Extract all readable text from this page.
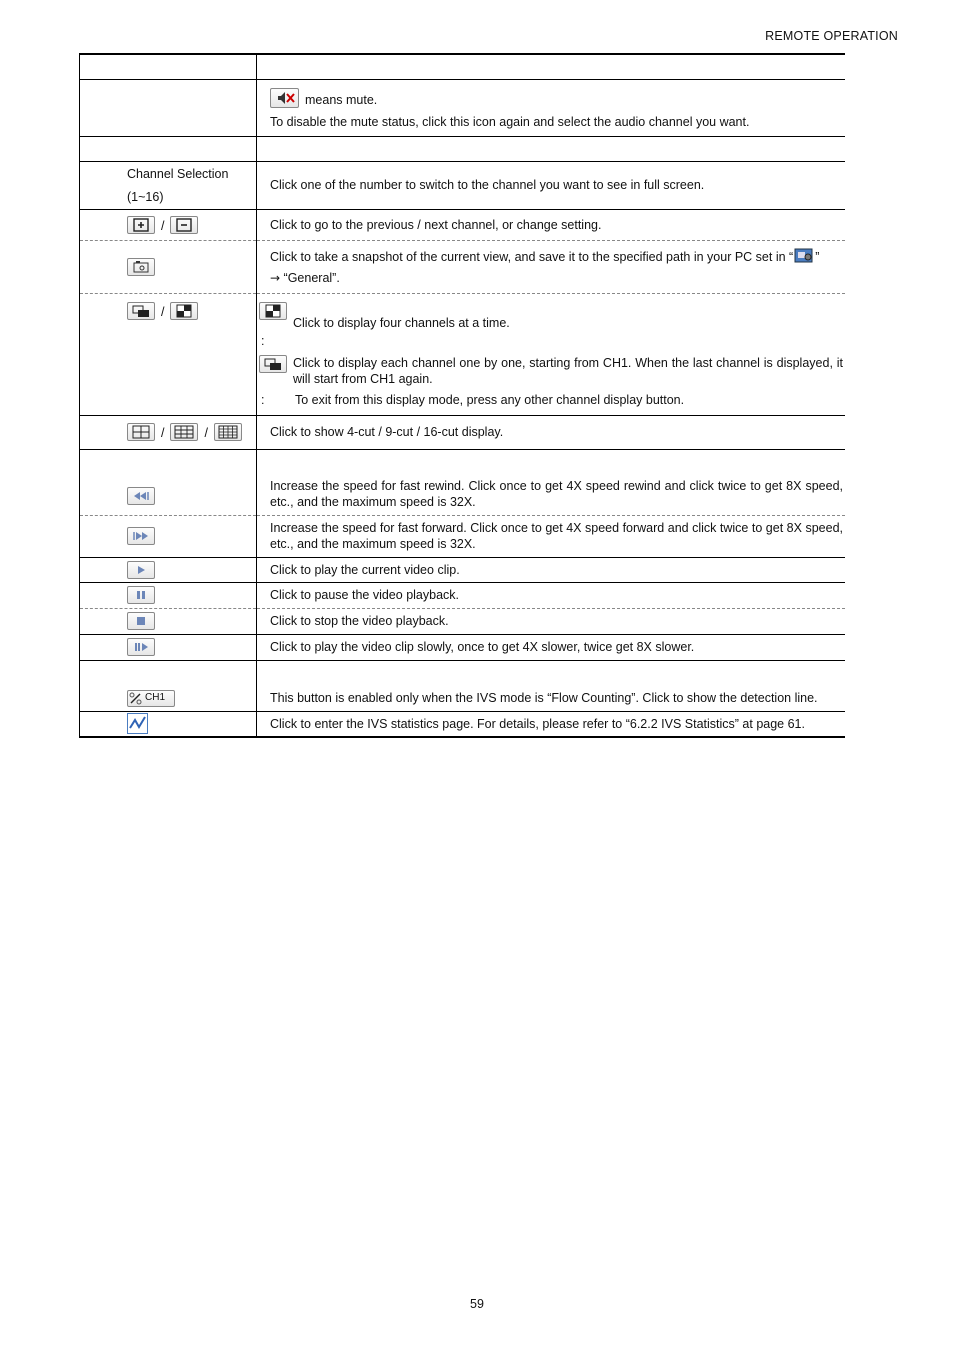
REMOTE OPERATION

	means mute.
To disable the mute status, click this icon again and select the audio channel you want.

Channel Selection
(1~16)	Click one of the number to switch to the channel you want to see in full screen.

/	Click to go to the previous / next channel, or change setting.

Click to take a snapshot of the current view, and save it to the specified path in your PC set in “ ”
→ “General”.

/	Click to display four channels at a time.
:
Click to display each channel one by one, starting from CH1. When the last channel is displayed, it will start from CH1 again.
: To exit from this display mode, press any other channel display button.

/ /	Click to show 4-cut / 9-cut / 16-cut display.

	Increase the speed for fast rewind. Click once to get 4X speed rewind and click twice to get 8X speed, etc., and the maximum speed is 32X.

	Increase the speed for fast forward. Click once to get 4X speed forward and click twice to get 8X speed, etc., and the maximum speed is 32X.

	Click to play the current video clip.

	Click to pause the video playback.

	Click to stop the video playback.

	Click to play the video clip slowly, once to get 4X slower, twice get 8X slower.

CH1	This button is enabled only when the IVS mode is “Flow Counting”. Click to show the detection line.

	Click to enter the IVS statistics page. For details, please refer to “6.2.2 IVS Statistics” at page 61.
59
